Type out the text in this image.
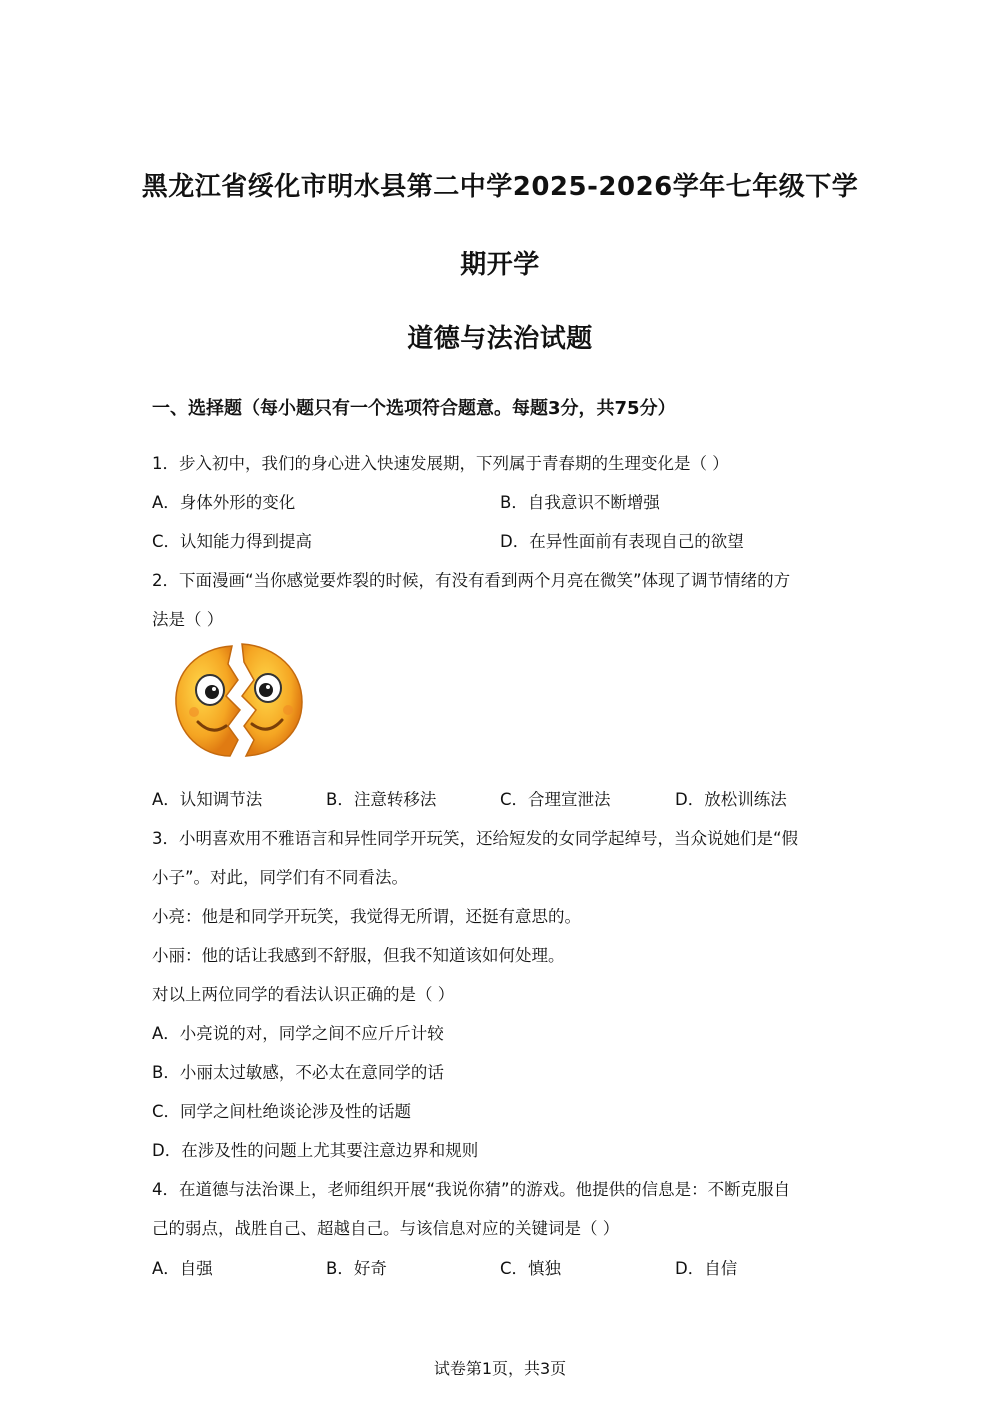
黑龙江省绥化市明水县第二中学2025-2026学年七年级下学
期开学
道德与法治试题
一、选择题（每小题只有一个选项符合题意。每题3分，共75分）
1．步入初中，我们的身心进入快速发展期，下列属于青春期的生理变化是（ ）
A．身体外形的变化	B．自我意识不断增强
C．认知能力得到提高	D．在异性面前有表现自己的欲望
2．下面漫画“当你感觉要炸裂的时候，有没有看到两个月亮在微笑”体现了调节情绪的方
法是（ ）
A．认知调节法	B．注意转移法	C．合理宣泄法	D．放松训练法
3．小明喜欢用不雅语言和异性同学开玩笑，还给短发的女同学起绰号，当众说她们是“假
小子”。对此，同学们有不同看法。
小亮：他是和同学开玩笑，我觉得无所谓，还挺有意思的。
小丽：他的话让我感到不舒服，但我不知道该如何处理。
对以上两位同学的看法认识正确的是（ ）
A．小亮说的对，同学之间不应斤斤计较
B．小丽太过敏感，不必太在意同学的话
C．同学之间杜绝谈论涉及性的话题
D．在涉及性的问题上尤其要注意边界和规则
4．在道德与法治课上，老师组织开展“我说你猜”的游戏。他提供的信息是：不断克服自
己的弱点，战胜自己、超越自己。与该信息对应的关键词是（ ）
A．自强	B．好奇	C．慎独	D．自信
试卷第1页，共3页
